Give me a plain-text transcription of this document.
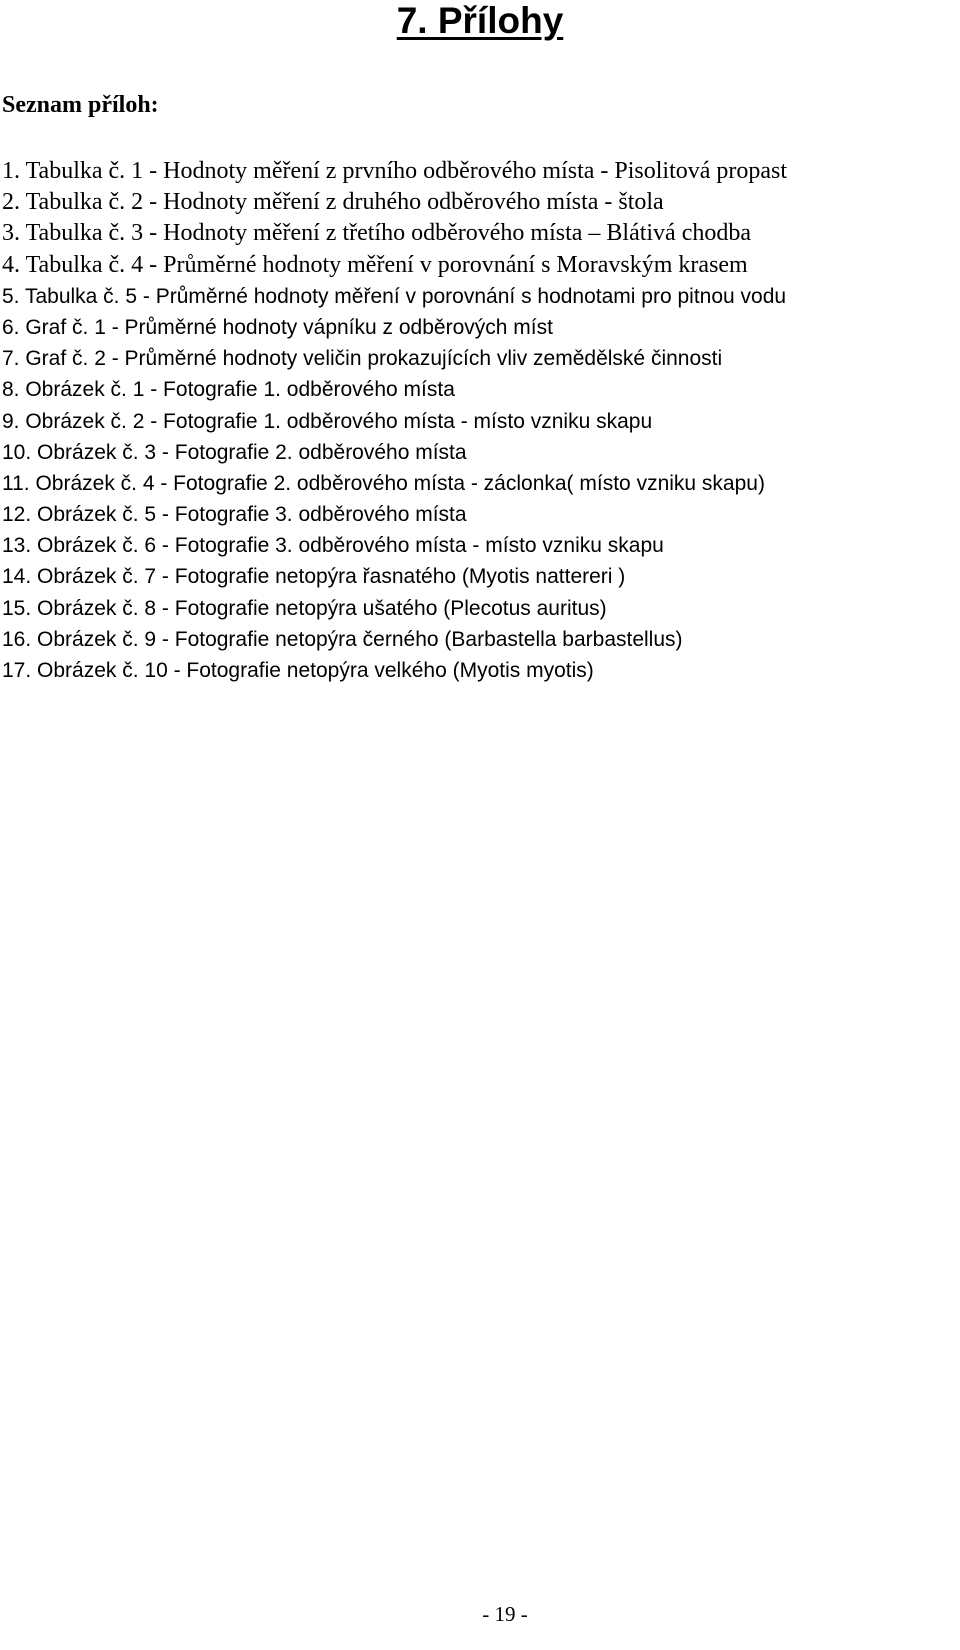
7. Přílohy
Seznam příloh:
1. Tabulka č. 1 - Hodnoty měření z prvního odběrového místa - Pisolitová propast
2. Tabulka č. 2 - Hodnoty měření z druhého odběrového místa - štola
3. Tabulka č. 3 - Hodnoty měření z třetího odběrového místa – Blátivá chodba
4. Tabulka č. 4 - Průměrné hodnoty měření v porovnání s Moravským krasem
5. Tabulka č. 5 - Průměrné hodnoty měření v porovnání s hodnotami pro pitnou vodu
6. Graf č. 1 - Průměrné hodnoty vápníku z odběrových míst
7. Graf č. 2 - Průměrné hodnoty veličin prokazujících vliv zemědělské činnosti
8. Obrázek č. 1 - Fotografie 1. odběrového místa
9. Obrázek č. 2 - Fotografie 1. odběrového místa - místo vzniku skapu
10. Obrázek č. 3 - Fotografie 2. odběrového místa
11. Obrázek č. 4 - Fotografie 2. odběrového místa - záclonka( místo vzniku skapu)
12. Obrázek č. 5 - Fotografie 3. odběrového místa
13. Obrázek č. 6 - Fotografie 3. odběrového místa - místo vzniku skapu
14. Obrázek č. 7 - Fotografie netopýra řasnatého (Myotis nattereri )
15. Obrázek č. 8 - Fotografie netopýra ušatého (Plecotus auritus)
16. Obrázek č. 9 - Fotografie netopýra černého (Barbastella barbastellus)
17. Obrázek č. 10 - Fotografie netopýra velkého (Myotis myotis)
- 19 -
